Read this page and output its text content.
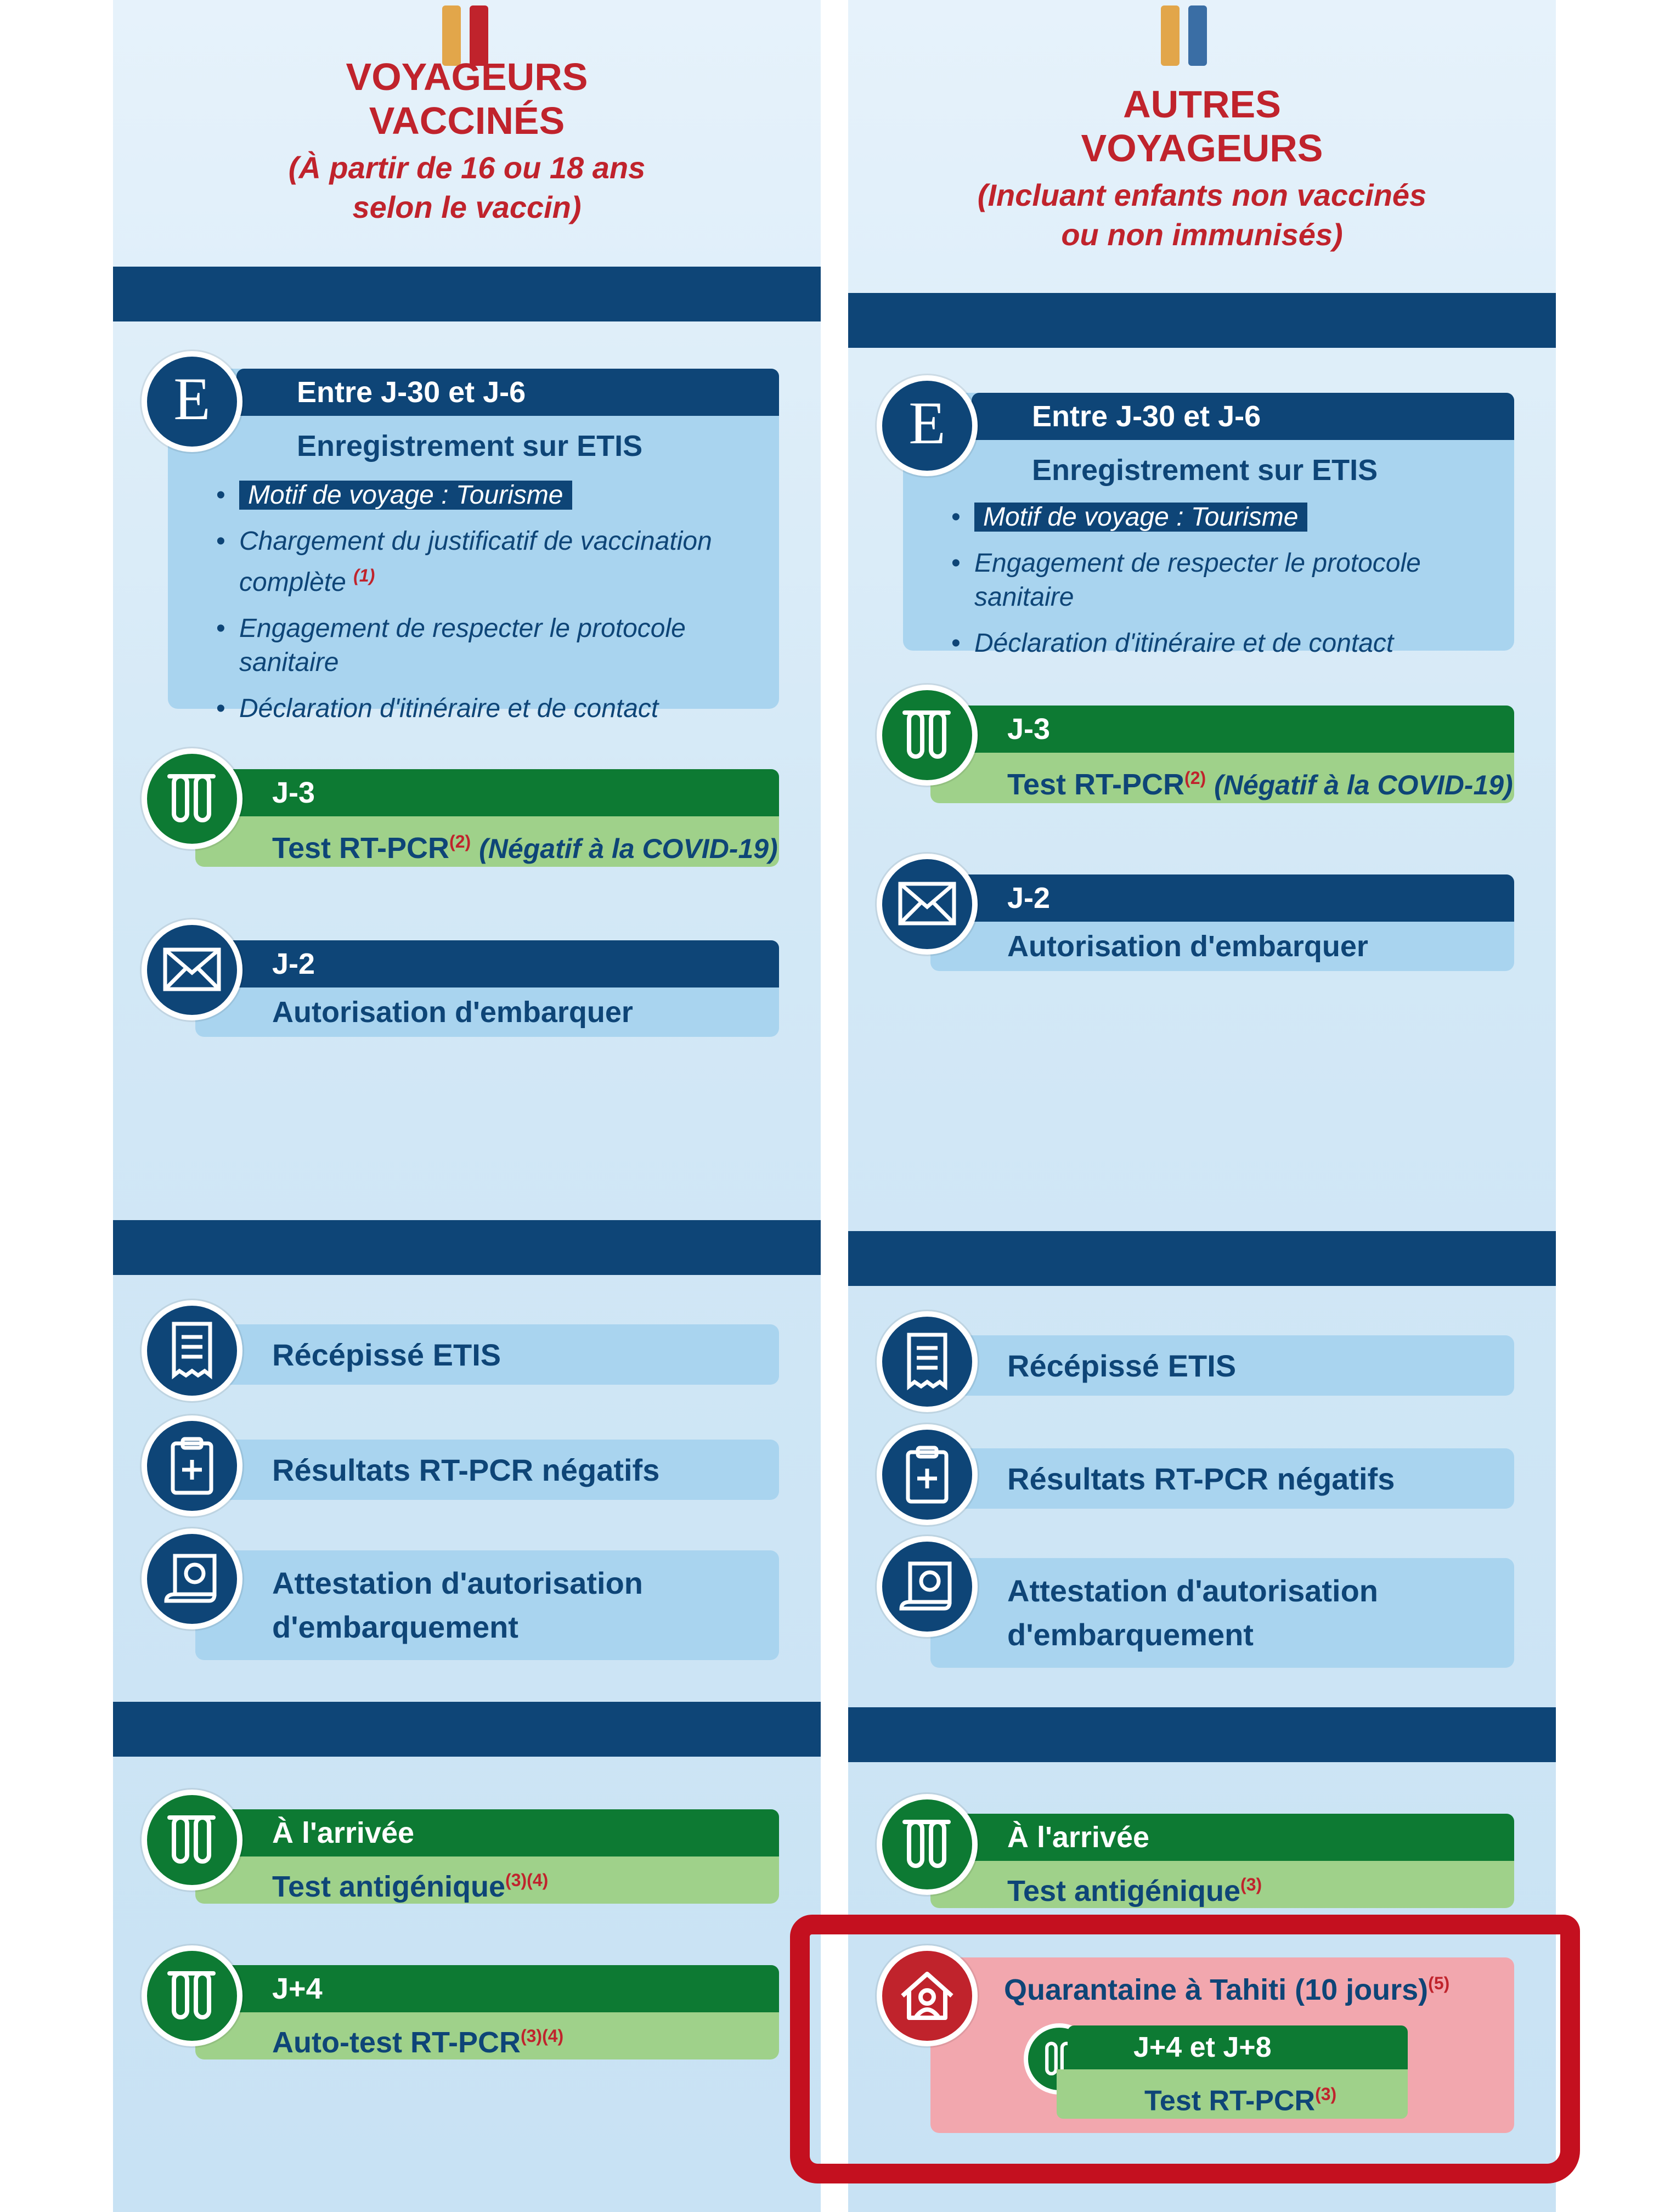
VOYAGEURS
VACCINÉS
(À partir de 16 ou 18 ans
selon le vaccin)
Entre J-30 et J-6
Enregistrement sur ETIS
• Motif de voyage : Tourisme
• Chargement du justificatif de vaccination complète $^{(1)}$
• Engagement de respecter le protocole sanitaire
• Déclaration d'itinéraire et de contact
E
J-3
Test RT-PCR$^{(2)}$ (Négatif à la COVID-19)
J-2
Autorisation d'embarquer
Récépissé ETIS
Résultats RT-PCR négatifs
Attestation d'autorisation d'embarquement
À l'arrivée
Test antigénique$^{(3)(4)}$
J+4
Auto-test RT-PCR$^{(3)(4)}$
AUTRES
VOYAGEURS
(Incluant enfants non vaccinés
ou non immunisés)
Entre J-30 et J-6
Enregistrement sur ETIS
• Motif de voyage : Tourisme
• Engagement de respecter le protocole sanitaire
• Déclaration d'itinéraire et de contact
E
J-3
Test RT-PCR$^{(2)}$ (Négatif à la COVID-19)
J-2
Autorisation d'embarquer
Récépissé ETIS
Résultats RT-PCR négatifs
Attestation d'autorisation d'embarquement
À l'arrivée
Test antigénique$^{(3)}$
Quarantaine à Tahiti (10 jours)$^{(5)}$
J+4 et J+8
Test RT-PCR$^{(3)}$
